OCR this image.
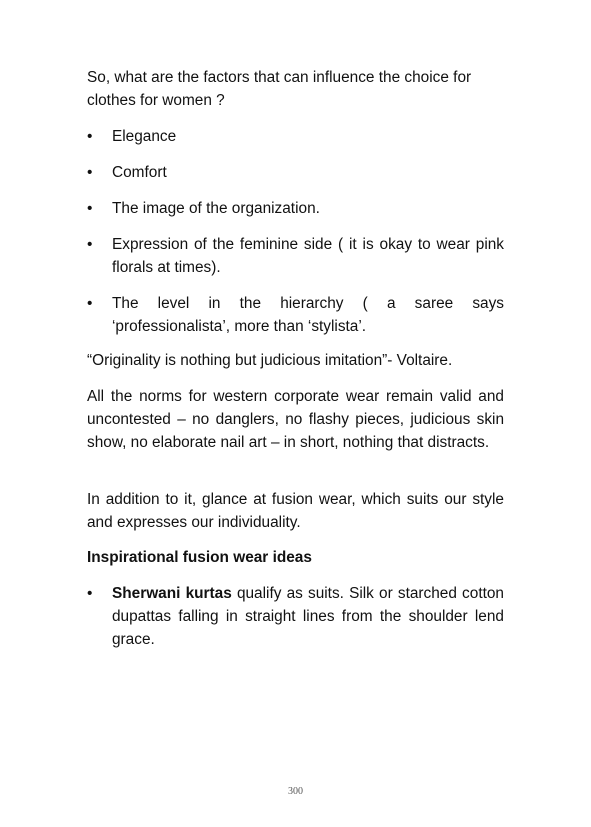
So, what are the factors that can influence the choice for clothes for women ?
•	Elegance
•	Comfort
•	The image of the organization.
•	Expression of the feminine side ( it is okay to wear pink florals at times).
•	The level in the hierarchy ( a saree says ‘professionalista’, more than ‘stylista’.
“Originality is nothing but judicious imitation”- Voltaire.
All the norms for western corporate wear remain valid and uncontested – no danglers, no flashy pieces, judicious skin show, no elaborate nail art – in short, nothing that distracts.
In addition to it, glance at fusion wear, which suits our style and expresses our individuality.
Inspirational fusion wear ideas
•	Sherwani kurtas qualify as suits. Silk or starched cotton dupattas falling in straight lines from the shoulder lend grace.
300
